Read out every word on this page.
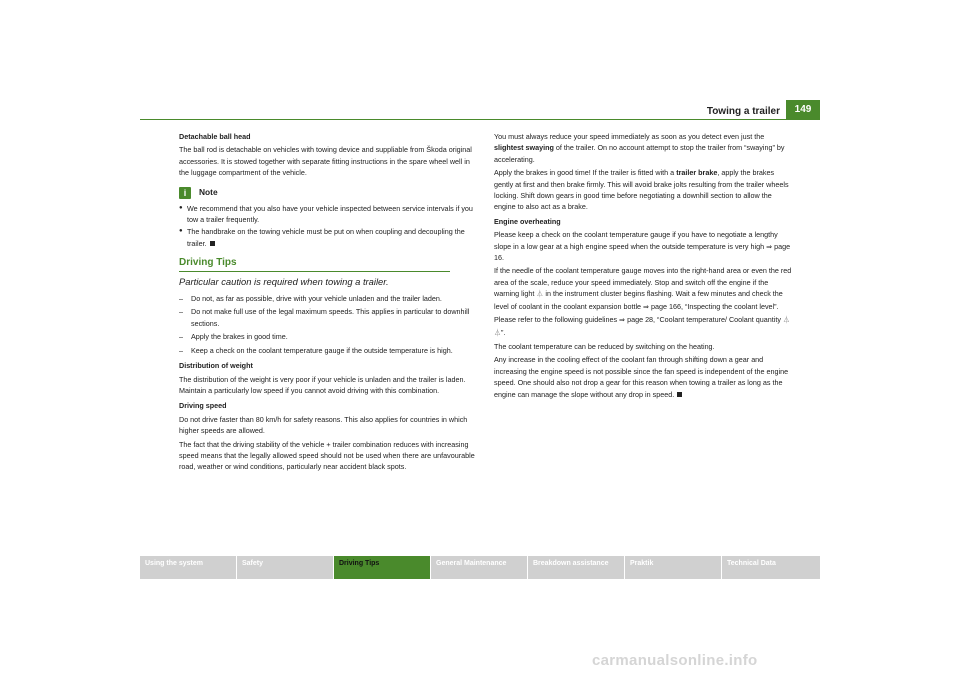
Towing a trailer	149

Detachable ball head

The ball rod is detachable on vehicles with towing device and suppliable from Škoda original accessories. It is stowed together with separate fitting instructions in the spare wheel well in the luggage compartment of the vehicle.

i	Note
● We recommend that you also have your vehicle inspected between service intervals if you tow a trailer frequently.
● The handbrake on the towing vehicle must be put on when coupling and decoupling the trailer.
Driving Tips
Particular caution is required when towing a trailer.
–	Do not, as far as possible, drive with your vehicle unladen and the trailer laden.
–	Do not make full use of the legal maximum speeds. This applies in particular to downhill sections.
–	Apply the brakes in good time.
–	Keep a check on the coolant temperature gauge if the outside temperature is high.

Distribution of weight

The distribution of the weight is very poor if your vehicle is unladen and the trailer is laden. Maintain a particularly low speed if you cannot avoid driving with this combination.

Driving speed

Do not drive faster than 80 km/h for safety reasons. This also applies for countries in which higher speeds are allowed.

The fact that the driving stability of the vehicle + trailer combination reduces with increasing speed means that the legally allowed speed should not be used when there are unfavourable road, weather or wind conditions, particularly near accident black spots.

You must always reduce your speed immediately as soon as you detect even just the slightest swaying of the trailer. On no account attempt to stop the trailer from “swaying” by accelerating.

Apply the brakes in good time! If the trailer is fitted with a trailer brake, apply the brakes gently at first and then brake firmly. This will avoid brake jolts resulting from the trailer wheels locking. Shift down gears in good time before negotiating a downhill section to allow the engine to also act as a brake.

Engine overheating

Please keep a check on the coolant temperature gauge if you have to negotiate a lengthy slope in a low gear at a high engine speed when the outside temperature is very high ⇒ page 16.

If the needle of the coolant temperature gauge moves into the right-hand area or even the red area of the scale, reduce your speed immediately. Stop and switch off the engine if the warning light ⏃ in the instrument cluster begins flashing. Wait a few minutes and check the level of coolant in the coolant expansion bottle ⇒ page 166, “Inspecting the coolant level”.

Please refer to the following guidelines ⇒ page 28, “Coolant temperature/ Coolant quantity ⏃ ⏃”.

The coolant temperature can be reduced by switching on the heating.

Any increase in the cooling effect of the coolant fan through shifting down a gear and increasing the engine speed is not possible since the fan speed is independent of the engine speed. One should also not drop a gear for this reason when towing a trailer as long as the engine can manage the slope without any drop in speed.

Using the system	Safety	Driving Tips	General Maintenance	Breakdown assistance	Praktik	Technical Data
carmanualsonline.info
